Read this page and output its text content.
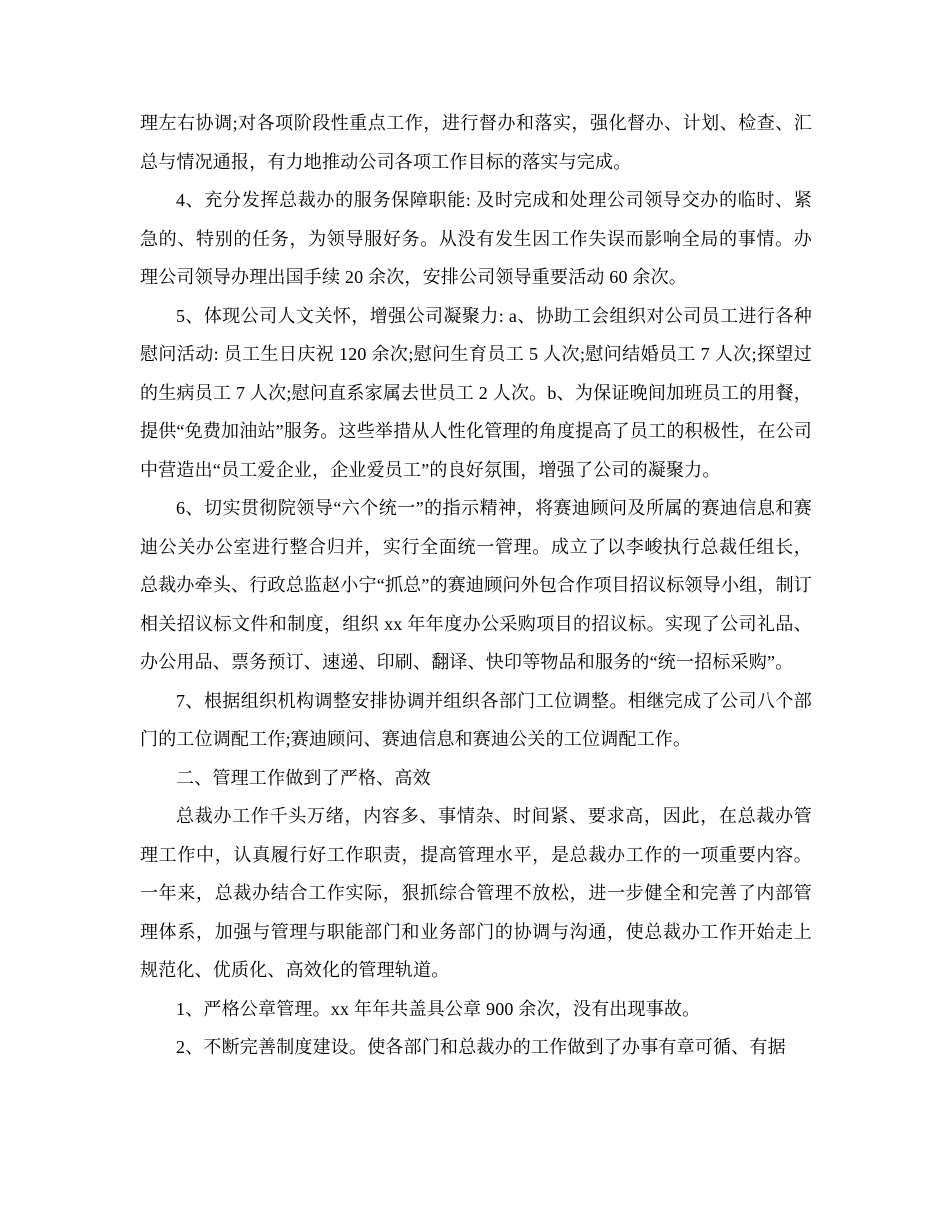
理左右协调;对各项阶段性重点工作，进行督办和落实，强化督办、计划、检查、汇总与情况通报，有力地推动公司各项工作目标的落实与完成。

4、充分发挥总裁办的服务保障职能: 及时完成和处理公司领导交办的临时、紧急的、特别的任务，为领导服好务。从没有发生因工作失误而影响全局的事情。办理公司领导办理出国手续 20 余次，安排公司领导重要活动 60 余次。

5、体现公司人文关怀，增强公司凝聚力: a、协助工会组织对公司员工进行各种慰问活动: 员工生日庆祝 120 余次;慰问生育员工 5 人次;慰问结婚员工 7 人次;探望过的生病员工 7 人次;慰问直系家属去世员工 2 人次。b、为保证晚间加班员工的用餐，提供“免费加油站”服务。这些举措从人性化管理的角度提高了员工的积极性，在公司中营造出“员工爱企业，企业爱员工”的良好氛围，增强了公司的凝聚力。

6、切实贯彻院领导“六个统一”的指示精神，将赛迪顾问及所属的赛迪信息和赛迪公关办公室进行整合归并，实行全面统一管理。成立了以李峻执行总裁任组长，总裁办牵头、行政总监赵小宁“抓总”的赛迪顾问外包合作项目招议标领导小组，制订相关招议标文件和制度，组织 xx 年年度办公采购项目的招议标。实现了公司礼品、办公用品、票务预订、速递、印刷、翻译、快印等物品和服务的“统一招标采购”。

7、根据组织机构调整安排协调并组织各部门工位调整。相继完成了公司八个部门的工位调配工作;赛迪顾问、赛迪信息和赛迪公关的工位调配工作。

二、管理工作做到了严格、高效

总裁办工作千头万绪，内容多、事情杂、时间紧、要求高，因此，在总裁办管理工作中，认真履行好工作职责，提高管理水平，是总裁办工作的一项重要内容。一年来，总裁办结合工作实际，狠抓综合管理不放松，进一步健全和完善了内部管理体系，加强与管理与职能部门和业务部门的协调与沟通，使总裁办工作开始走上规范化、优质化、高效化的管理轨道。

1、严格公章管理。xx 年年共盖具公章 900 余次，没有出现事故。

2、不断完善制度建设。使各部门和总裁办的工作做到了办事有章可循、有据
